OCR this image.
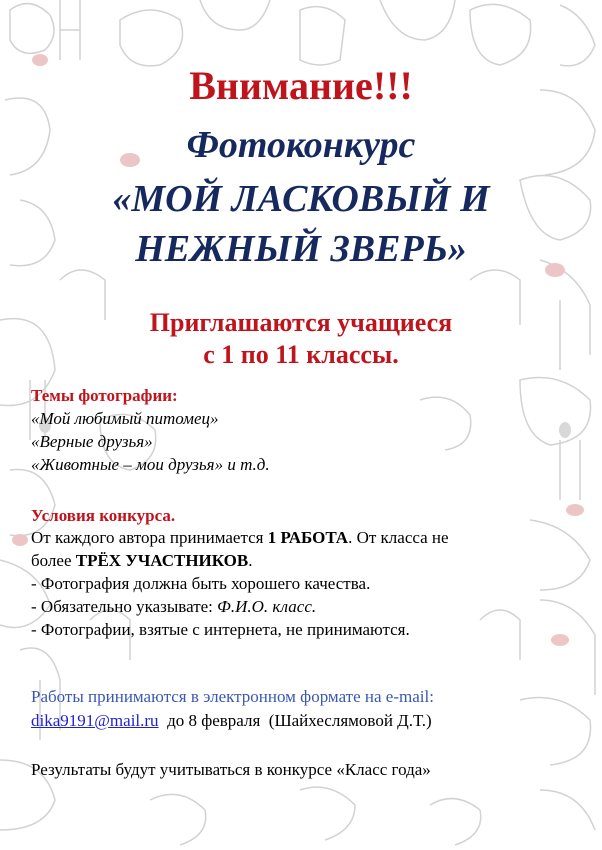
Внимание!!!
Фотоконкурс
«МОЙ ЛАСКОВЫЙ И
НЕЖНЫЙ ЗВЕРЬ»
Приглашаются учащиеся
с 1 по 11 классы.
Темы фотографии:
«Мой любимый питомец»
«Верные друзья»
«Животные – мои друзья» и т.д.
Условия конкурса.
От каждого автора принимается 1 РАБОТА. От класса не
более ТРЁХ УЧАСТНИКОВ.
- Фотография должна быть хорошего качества.
- Обязательно указывате: Ф.И.О. класс.
- Фотографии, взятые с интернета, не принимаются.
Работы принимаются в электронном формате на e-mail:
dika9191@mail.ru  до 8 февраля  (Шайхеслямовой Д.Т.)
Результаты будут учитываться в конкурсе «Класс года»
